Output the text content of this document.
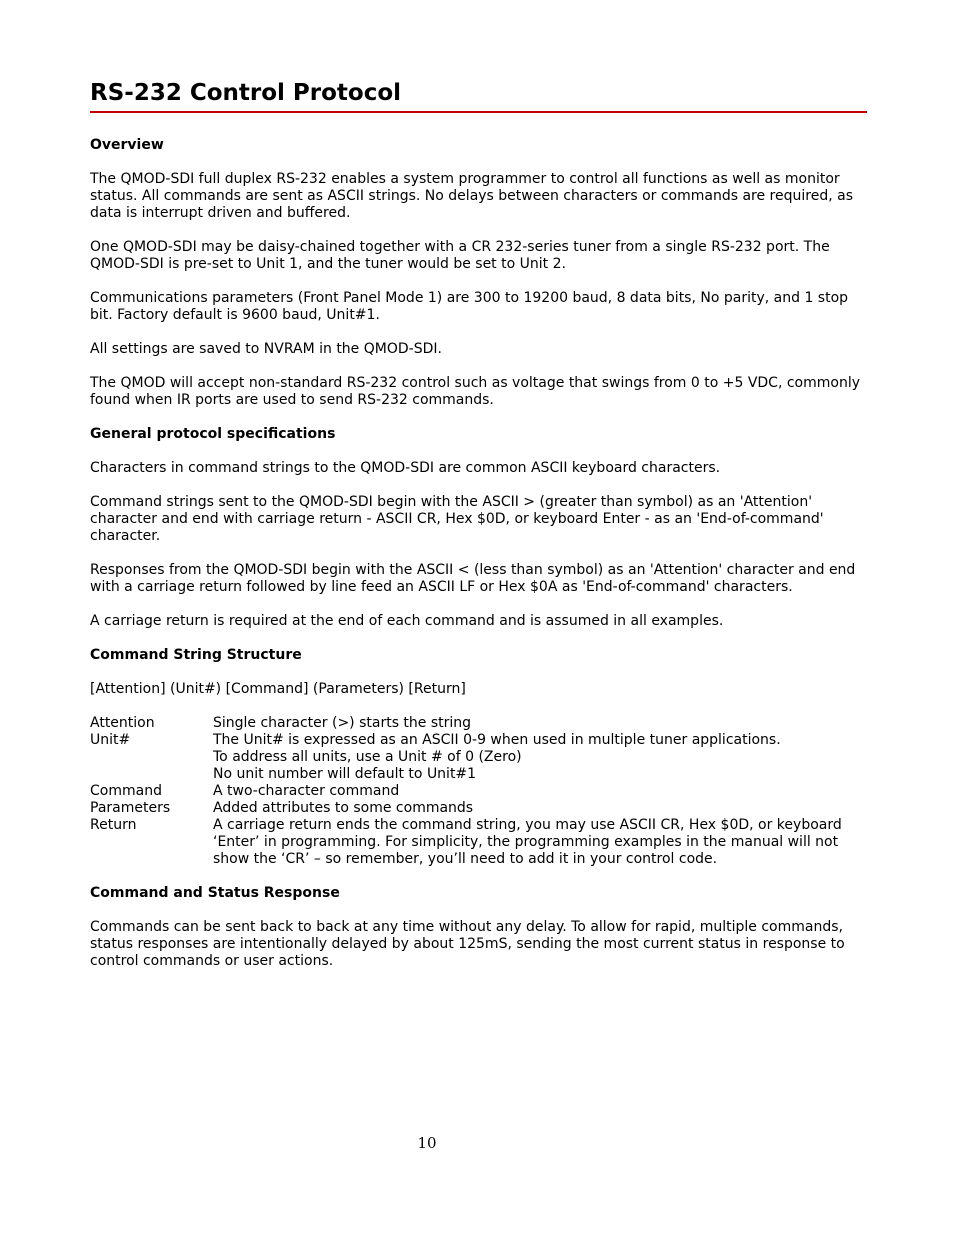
RS-232 Control Protocol
Overview

The QMOD-SDI full duplex RS-232 enables a system programmer to control all functions as well as monitor status. All commands are sent as ASCII strings. No delays between characters or commands are required, as data is interrupt driven and buffered.

One QMOD-SDI may be daisy-chained together with a CR 232-series tuner from a single RS-232 port. The QMOD-SDI is pre-set to Unit 1, and the tuner would be set to Unit 2.

Communications parameters (Front Panel Mode 1) are 300 to 19200 baud, 8 data bits, No parity, and 1 stop bit. Factory default is 9600 baud, Unit#1.

All settings are saved to NVRAM in the QMOD-SDI.

The QMOD will accept non-standard RS-232 control such as voltage that swings from 0 to +5 VDC, commonly found when IR ports are used to send RS-232 commands.

General protocol specifications

Characters in command strings to the QMOD-SDI are common ASCII keyboard characters.

Command strings sent to the QMOD-SDI begin with the ASCII > (greater than symbol) as an 'Attention' character and end with carriage return - ASCII CR, Hex $0D, or keyboard Enter - as an 'End-of-command' character.

Responses from the QMOD-SDI begin with the ASCII < (less than symbol) as an 'Attention' character and end with a carriage return followed by line feed an ASCII LF or Hex $0A as 'End-of-command' characters.

A carriage return is required at the end of each command and is assumed in all examples.

Command String Structure

[Attention] (Unit#) [Command] (Parameters) [Return]

Attention	Single character (>) starts the string
Unit#	The Unit# is expressed as an ASCII 0-9 when used in multiple tuner applications.
To address all units, use a Unit # of 0 (Zero)
No unit number will default to Unit#1
Command	A two-character command
Parameters	Added attributes to some commands
Return	A carriage return ends the command string, you may use ASCII CR, Hex $0D, or keyboard ‘Enter’ in programming. For simplicity, the programming examples in the manual will not show the ‘CR’ – so remember, you’ll need to add it in your control code.
Command and Status Response

Commands can be sent back to back at any time without any delay. To allow for rapid, multiple commands, status responses are intentionally delayed by about 125mS, sending the most current status in response to control commands or user actions.

10
